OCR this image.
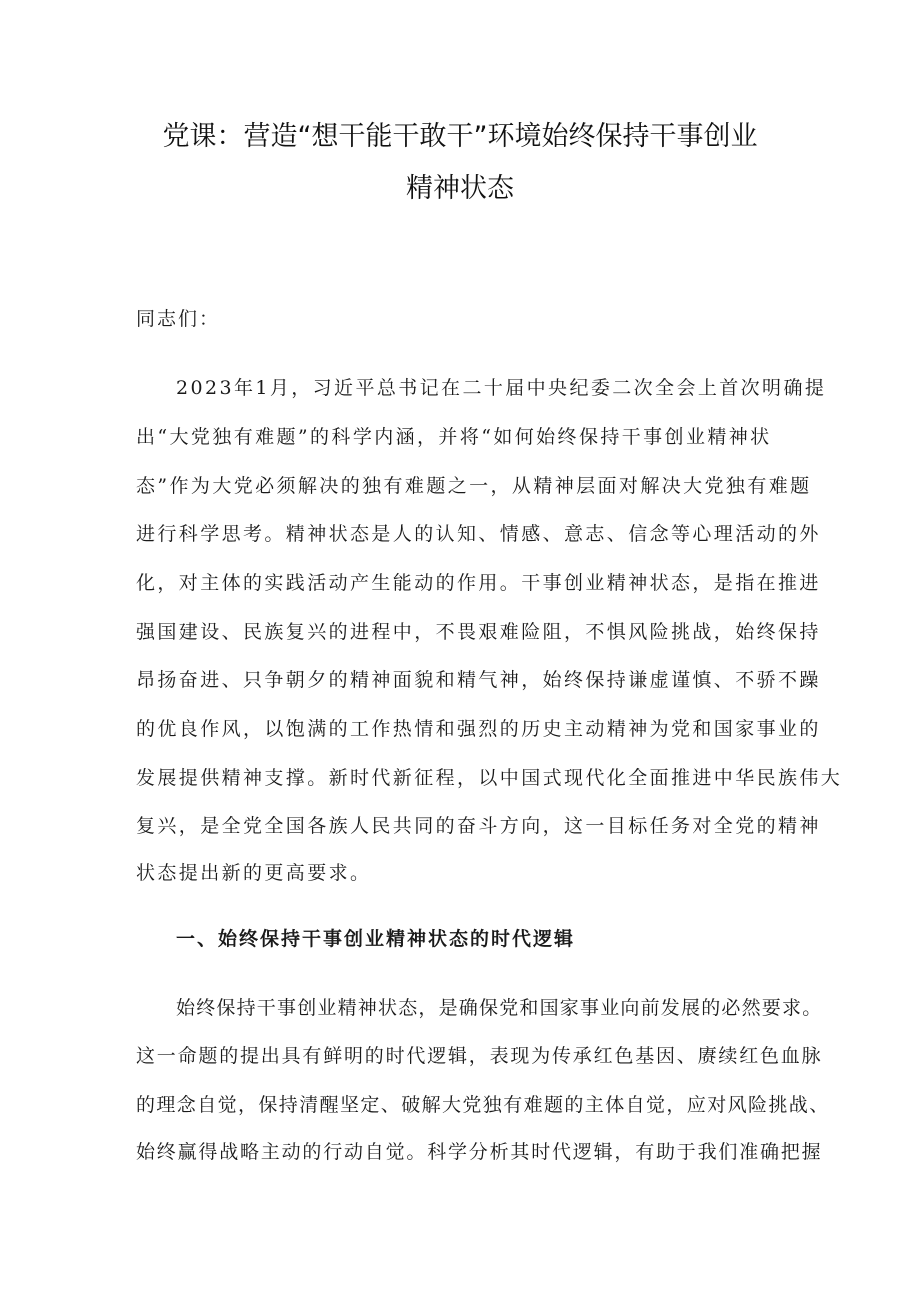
党课：营造“想干能干敢干”环境始终保持干事创业
精神状态
同志们：
2023年1月，习近平总书记在二十届中央纪委二次全会上首次明确提
出“大党独有难题”的科学内涵，并将“如何始终保持干事创业精神状
态”作为大党必须解决的独有难题之一，从精神层面对解决大党独有难题
进行科学思考。精神状态是人的认知、情感、意志、信念等心理活动的外
化，对主体的实践活动产生能动的作用。干事创业精神状态，是指在推进
强国建设、民族复兴的进程中，不畏艰难险阻，不惧风险挑战，始终保持
昂扬奋进、只争朝夕的精神面貌和精气神，始终保持谦虚谨慎、不骄不躁
的优良作风，以饱满的工作热情和强烈的历史主动精神为党和国家事业的
发展提供精神支撑。新时代新征程，以中国式现代化全面推进中华民族伟大
复兴，是全党全国各族人民共同的奋斗方向，这一目标任务对全党的精神
状态提出新的更高要求。
一、始终保持干事创业精神状态的时代逻辑
始终保持干事创业精神状态，是确保党和国家事业向前发展的必然要求。
这一命题的提出具有鲜明的时代逻辑，表现为传承红色基因、赓续红色血脉
的理念自觉，保持清醒坚定、破解大党独有难题的主体自觉，应对风险挑战、
始终赢得战略主动的行动自觉。科学分析其时代逻辑，有助于我们准确把握
